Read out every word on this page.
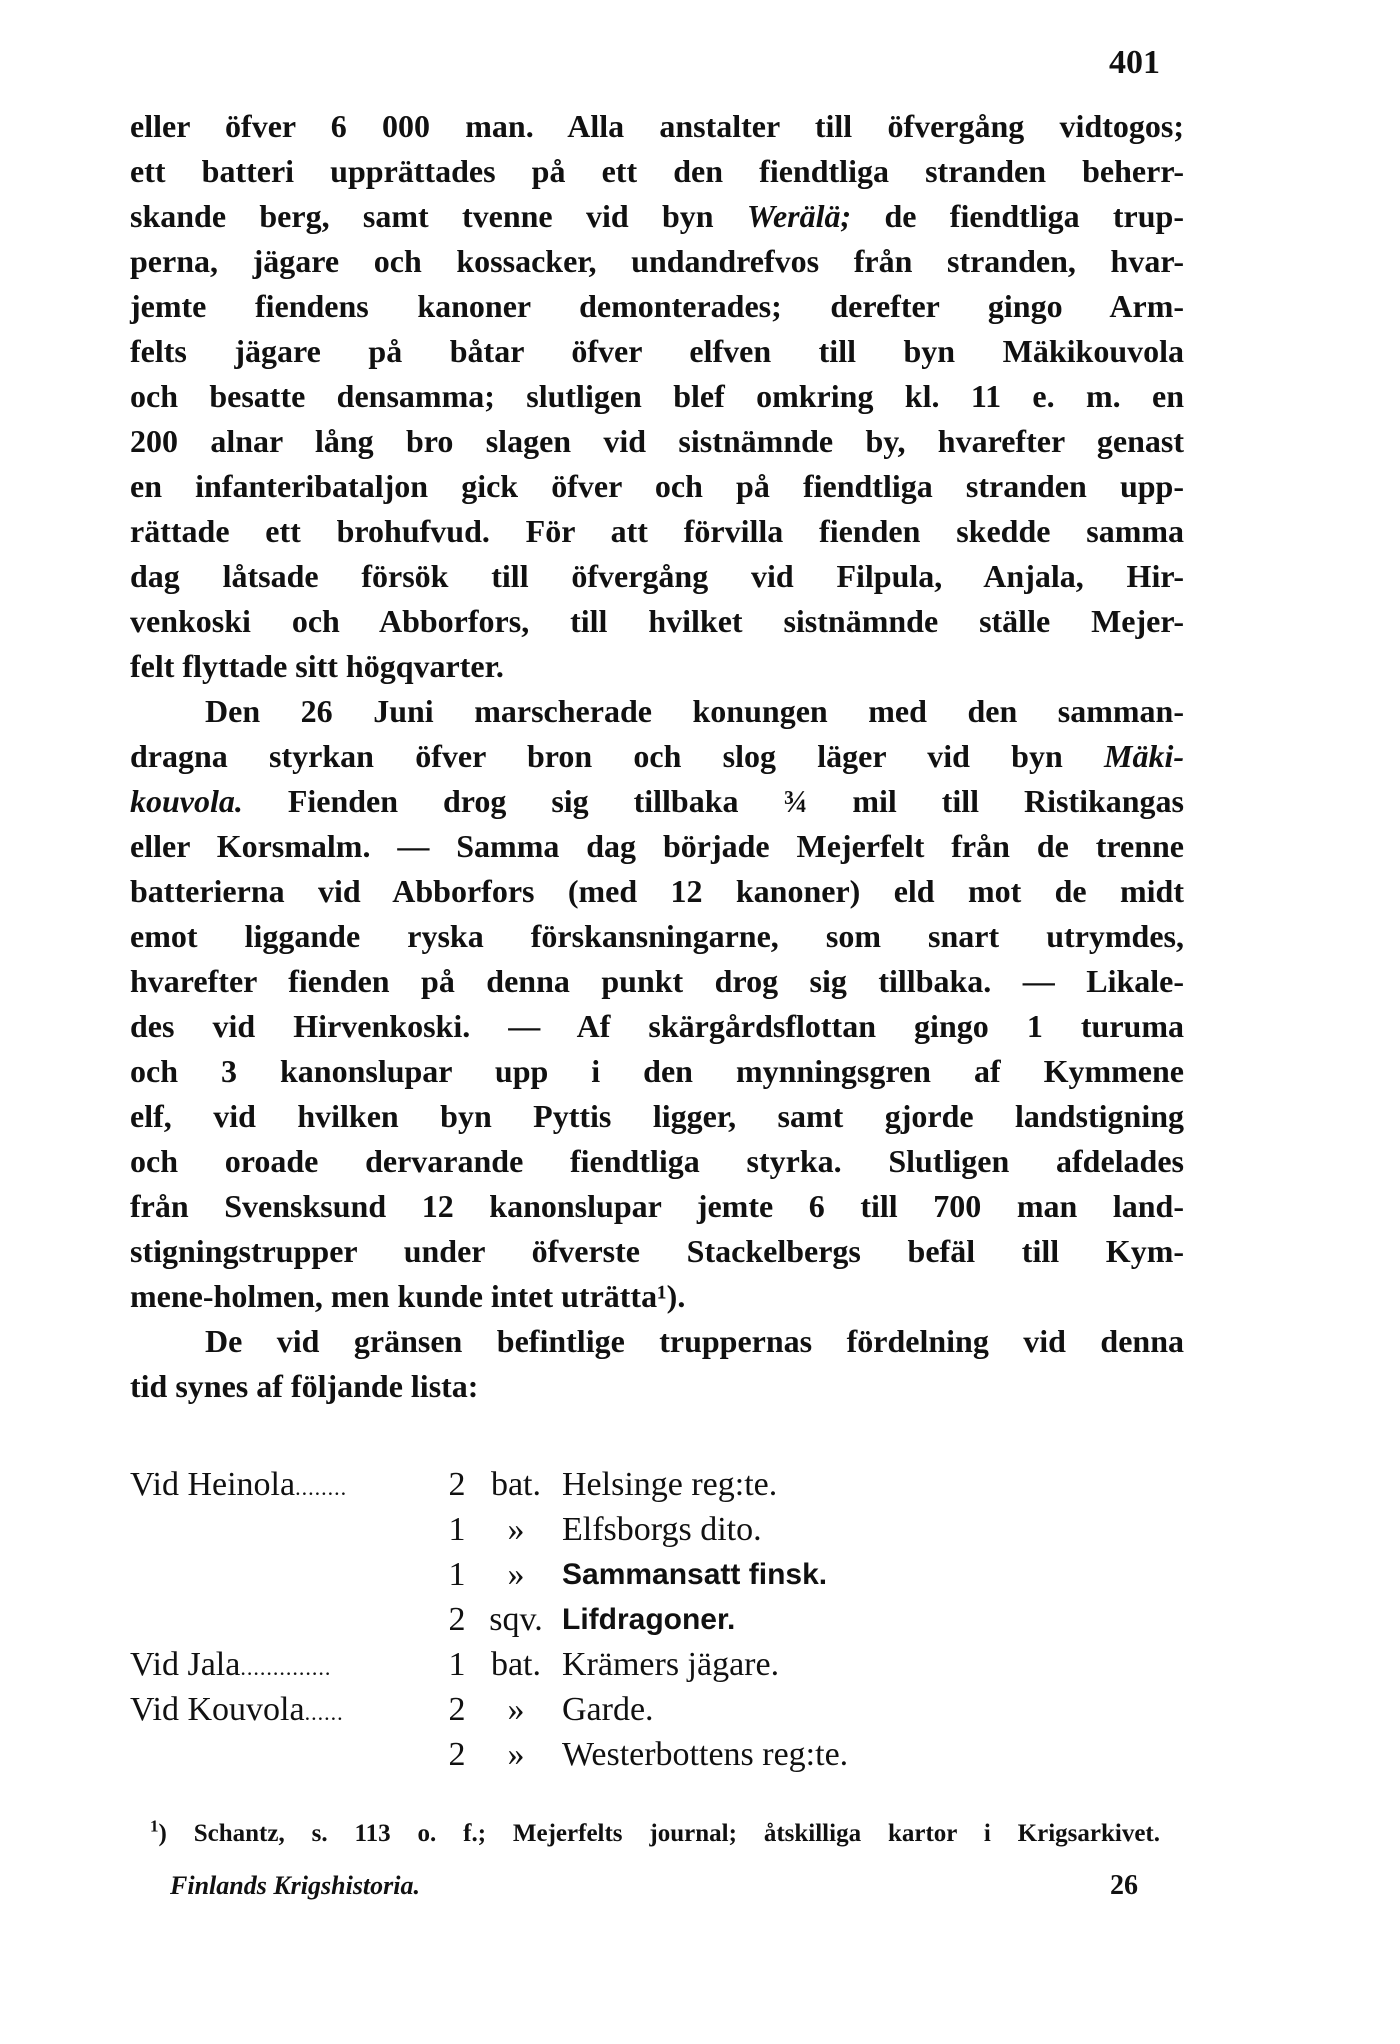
401
eller öfver 6 000 man. Alla anstalter till öfvergång vidtogos;
ett batteri upprättades på ett den fiendtliga stranden beherr-
skande berg, samt tvenne vid byn Werälä; de fiendtliga trup-
perna, jägare och kossacker, undandrefvos från stranden, hvar-
jemte fiendens kanoner demonterades; derefter gingo Arm-
felts jägare på båtar öfver elfven till byn Mäkikouvola
och besatte densamma; slutligen blef omkring kl. 11 e. m. en
200 alnar lång bro slagen vid sistnämnde by, hvarefter genast
en infanteribataljon gick öfver och på fiendtliga stranden upp-
rättade ett brohufvud. För att förvilla fienden skedde samma
dag låtsade försök till öfvergång vid Filpula, Anjala, Hir-
venkoski och Abborfors, till hvilket sistnämnde ställe Mejer-
felt flyttade sitt högqvarter.
Den 26 Juni marscherade konungen med den samman-
dragna styrkan öfver bron och slog läger vid byn Mäki-
kouvola. Fienden drog sig tillbaka ¾ mil till Ristikangas
eller Korsmalm. — Samma dag började Mejerfelt från de trenne
batterierna vid Abborfors (med 12 kanoner) eld mot de midt
emot liggande ryska förskansningarne, som snart utrymdes,
hvarefter fienden på denna punkt drog sig tillbaka. — Likale-
des vid Hirvenkoski. — Af skärgårdsflottan gingo 1 turuma
och 3 kanonslupar upp i den mynningsgren af Kymmene
elf, vid hvilken byn Pyttis ligger, samt gjorde landstigning
och oroade dervarande fiendtliga styrka. Slutligen afdelades
från Svensksund 12 kanonslupar jemte 6 till 700 man land-
stigningstrupper under öfverste Stackelbergs befäl till Kym-
mene-holmen, men kunde intet uträtta¹).
De vid gränsen befintlige truppernas fördelning vid denna
tid synes af följande lista:
Vid Heinola........	2 bat. Helsinge reg:te.
1	»	Elfsborgs dito.
1	»	Sammansatt finsk.
2 sqv. Lifdragoner.
Vid Jala..............	1 bat. Krämers jägare.
Vid Kouvola......	2	»	Garde.
2	»	Westerbottens reg:te.
$^1$) Schantz, s. 113 o. f.; Mejerfelts journal; åtskilliga kartor i Krigsarkivet.
Finlands Krigshistoria.	26
